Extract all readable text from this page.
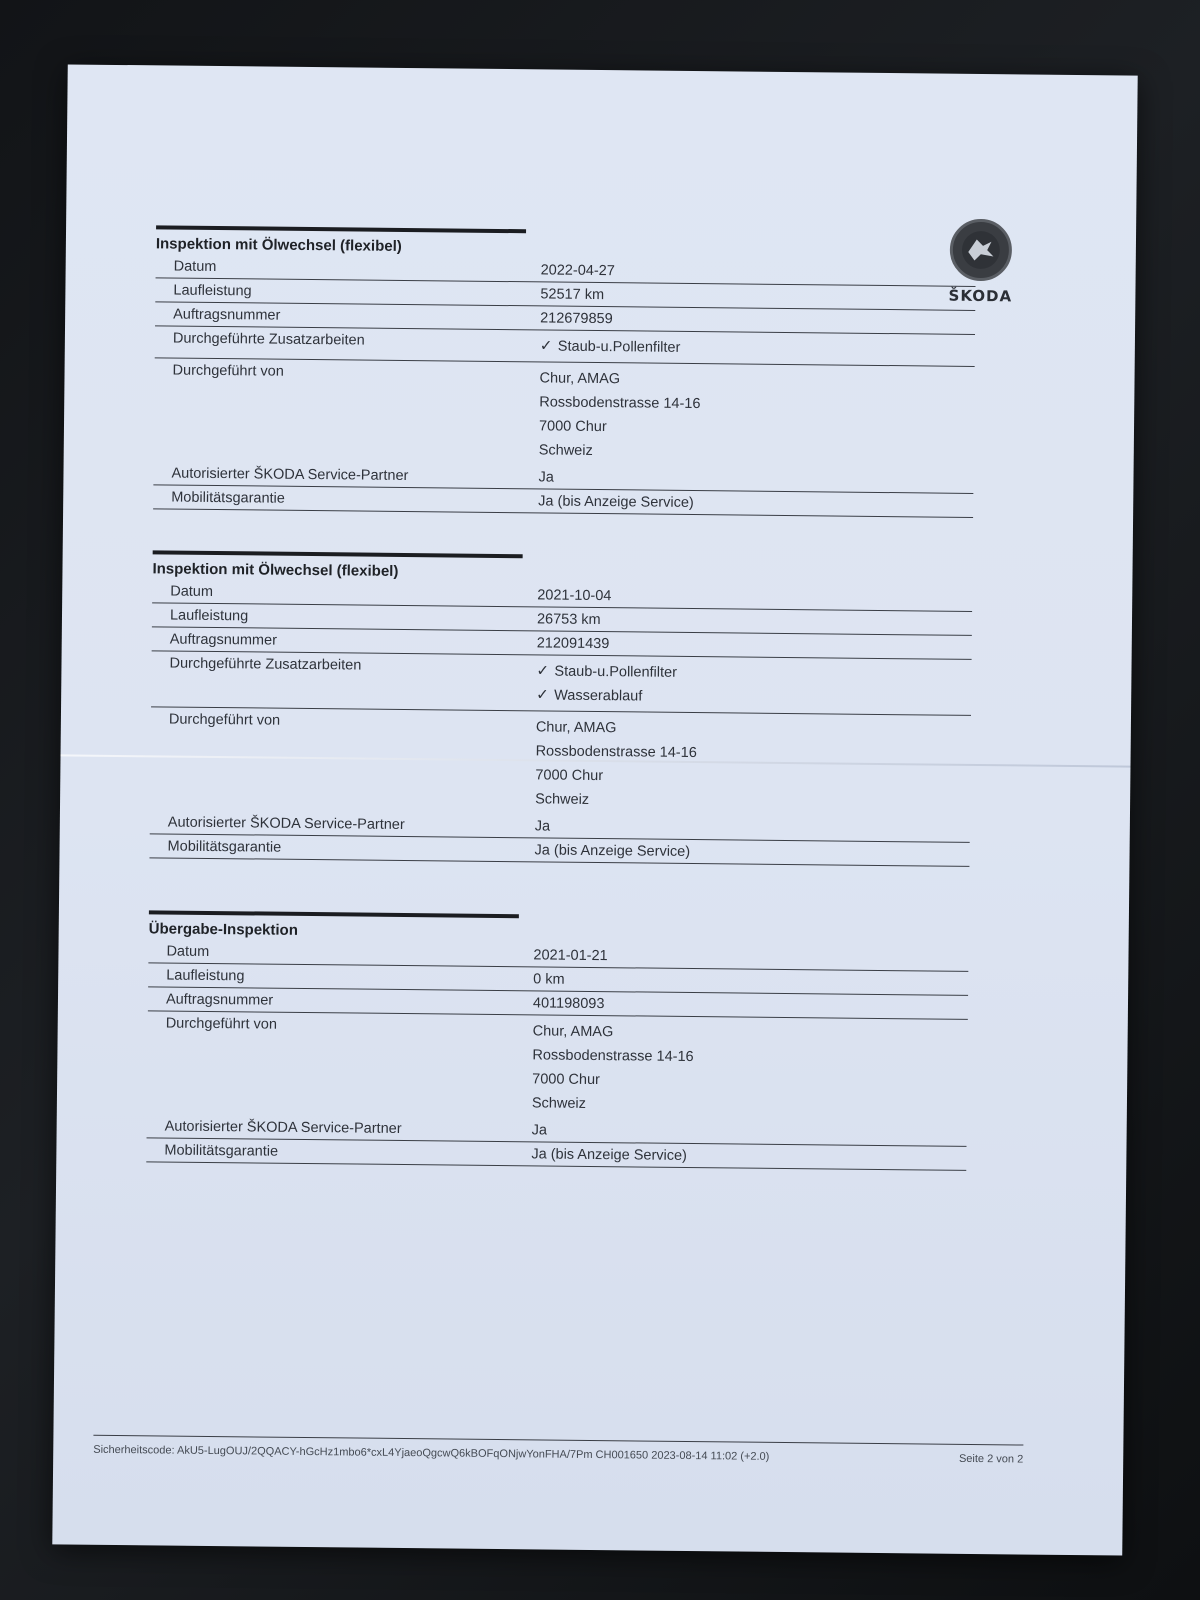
ŠKODA
Inspektion mit Ölwechsel (flexibel)
Datum	2022-04-27
Laufleistung	52517 km
Auftragsnummer	212679859
Durchgeführte Zusatzarbeiten	✓ Staub-u.Pollenfilter
Durchgeführt von	Chur, AMAG
Rossbodenstrasse 14-16
7000 Chur
Schweiz
Autorisierter ŠKODA Service-Partner	Ja
Mobilitätsgarantie	Ja (bis Anzeige Service)
Inspektion mit Ölwechsel (flexibel)
Datum	2021-10-04
Laufleistung	26753 km
Auftragsnummer	212091439
Durchgeführte Zusatzarbeiten	✓ Staub-u.Pollenfilter
✓ Wasserablauf
Durchgeführt von	Chur, AMAG
Rossbodenstrasse 14-16
7000 Chur
Schweiz
Autorisierter ŠKODA Service-Partner	Ja
Mobilitätsgarantie	Ja (bis Anzeige Service)
Übergabe-Inspektion
Datum	2021-01-21
Laufleistung	0 km
Auftragsnummer	401198093
Durchgeführt von	Chur, AMAG
Rossbodenstrasse 14-16
7000 Chur
Schweiz
Autorisierter ŠKODA Service-Partner	Ja
Mobilitätsgarantie	Ja (bis Anzeige Service)
Sicherheitscode: AkU5-LugOUJ/2QQACY-hGcHz1mbo6*cxL4YjaeoQgcwQ6kBOFqONjwYonFHA/7Pm CH001650 2023-08-14 11:02 (+2.0)	Seite 2 von 2
